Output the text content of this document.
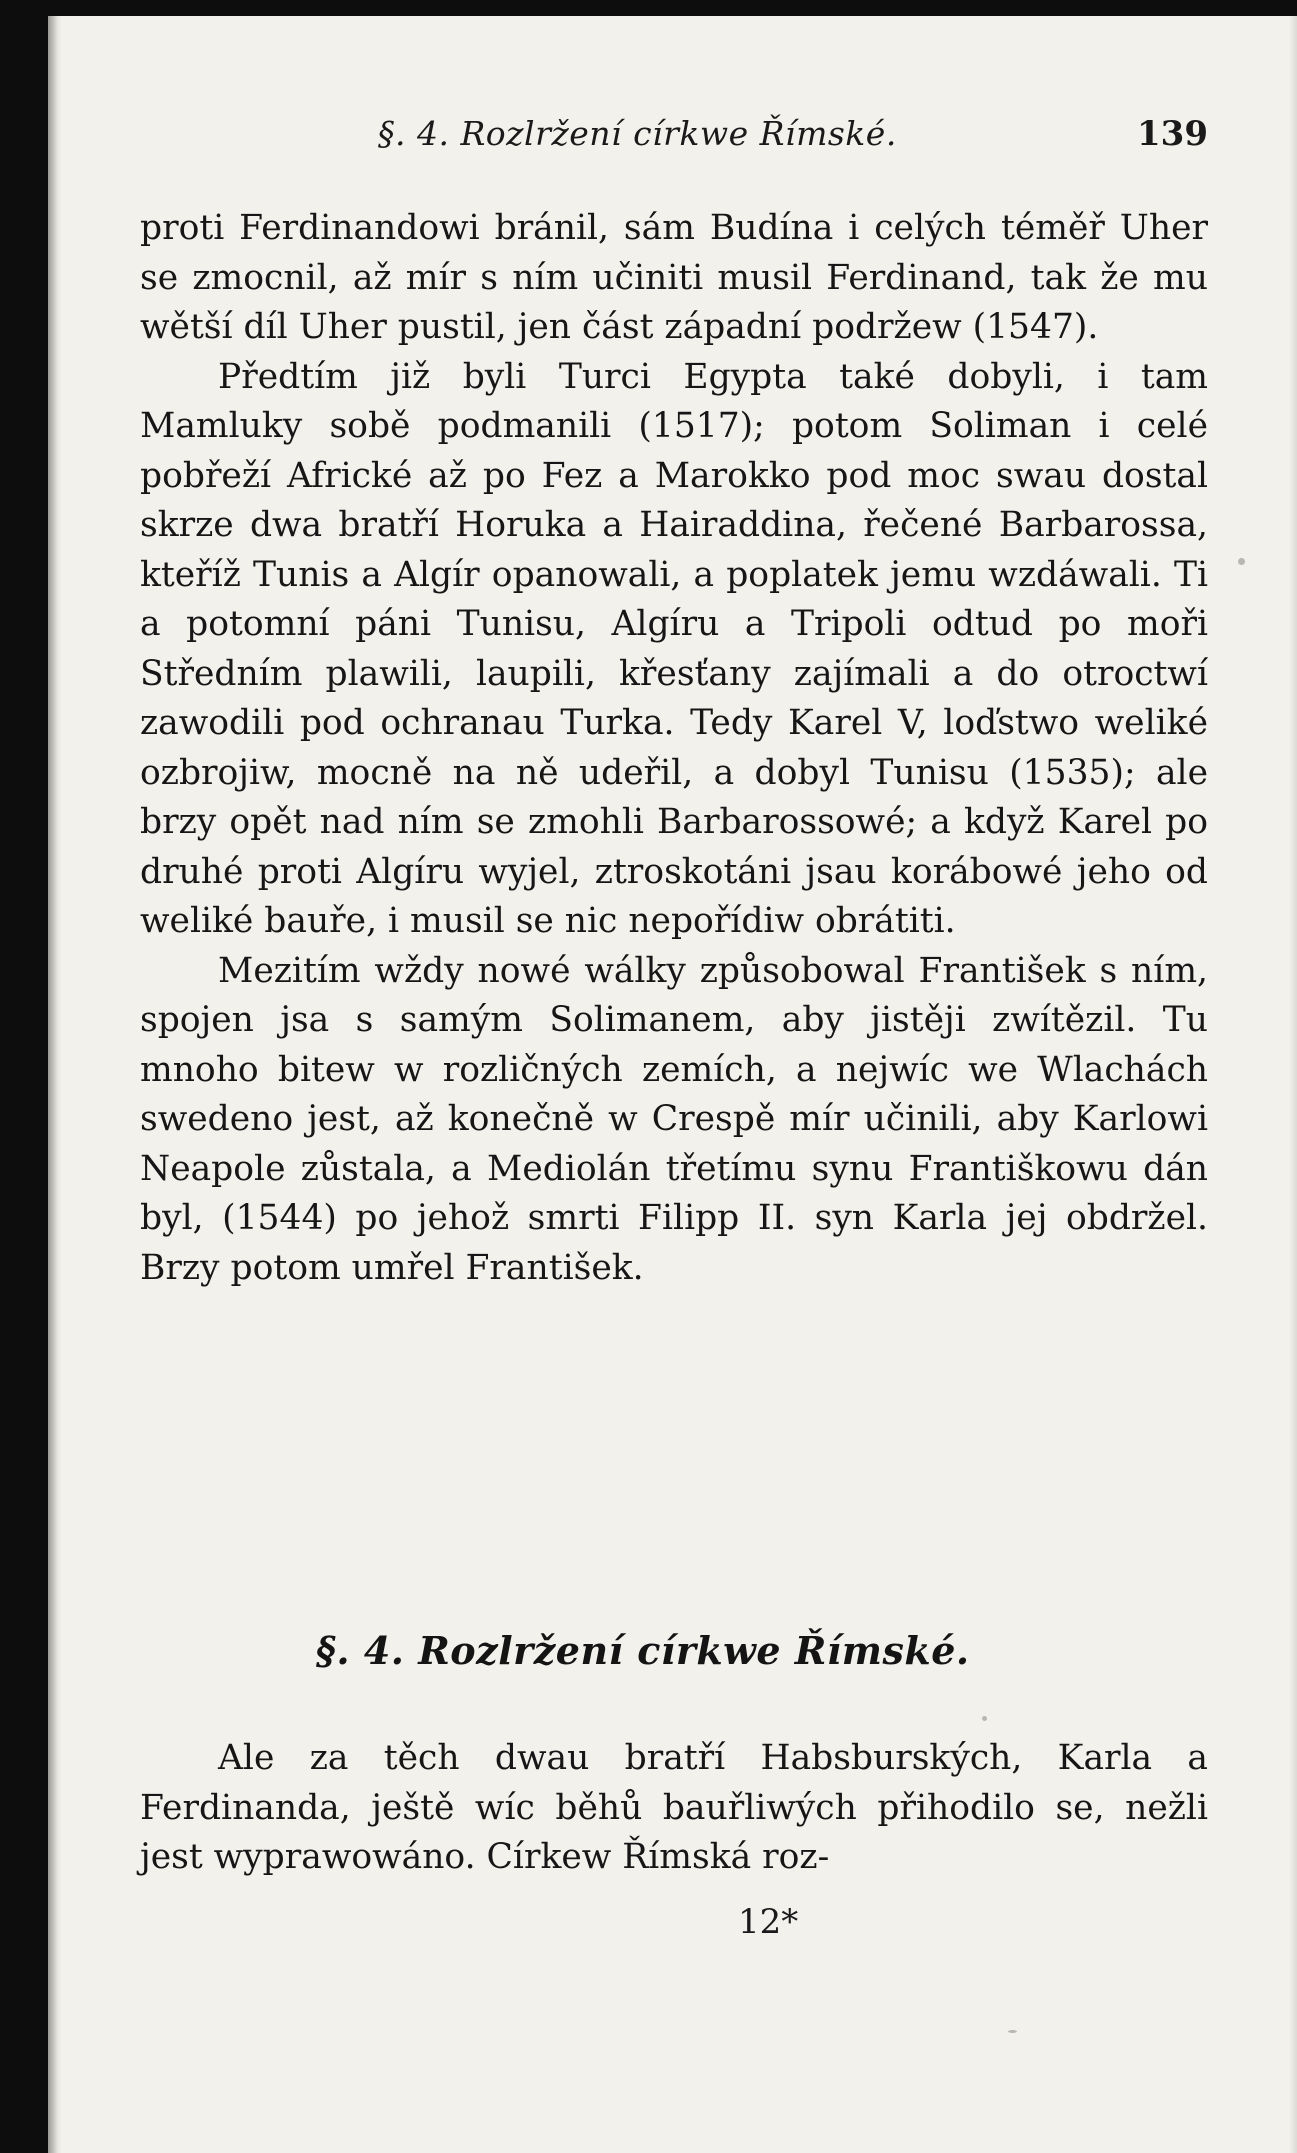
§. 4. Rozlržení církwe Římské.	139

proti Ferdinandowi bránil, sám Budína i celých téměř Uher se zmocnil, až mír s ním učiniti musil Ferdinand, tak že mu wětší díl Uher pustil, jen část západní podržew (1547).

Předtím již byli Turci Egypta také dobyli, i tam Mamluky sobě podmanili (1517); potom Soliman i celé pobřeží Africké až po Fez a Marokko pod moc swau dostal skrze dwa bratří Horuka a Hairaddina, řečené Barbarossa, kteříž Tunis a Algír opanowali, a poplatek jemu wzdáwali. Ti a potomní páni Tunisu, Algíru a Tripoli odtud po moři Středním plawili, laupili, křesťany zajímali a do otroctwí zawodili pod ochranau Turka. Tedy Karel V, loďstwo weliké ozbrojiw, mocně na ně udeřil, a dobyl Tunisu (1535); ale brzy opět nad ním se zmohli Barbarossowé; a když Karel po druhé proti Algíru wyjel, ztroskotáni jsau korábowé jeho od weliké bauře, i musil se nic nepořídiw obrátiti.

Mezitím wždy nowé wálky způsobowal František s ním, spojen jsa s samým Solimanem, aby jistěji zwítězil. Tu mnoho bitew w rozličných zemích, a nejwíc we Wlachách swedeno jest, až konečně w Crespě mír učinili, aby Karlowi Neapole zůstala, a Mediolán třetímu synu Františkowu dán byl, (1544) po jehož smrti Filipp II. syn Karla jej obdržel. Brzy potom umřel František.

§. 4. Rozlržení církwe Římské.

Ale za těch dwau bratří Habsburských, Karla a Ferdinanda, ještě wíc běhů bauřliwých přihodilo se, nežli jest wyprawowáno. Církew Římská roz-

12*
